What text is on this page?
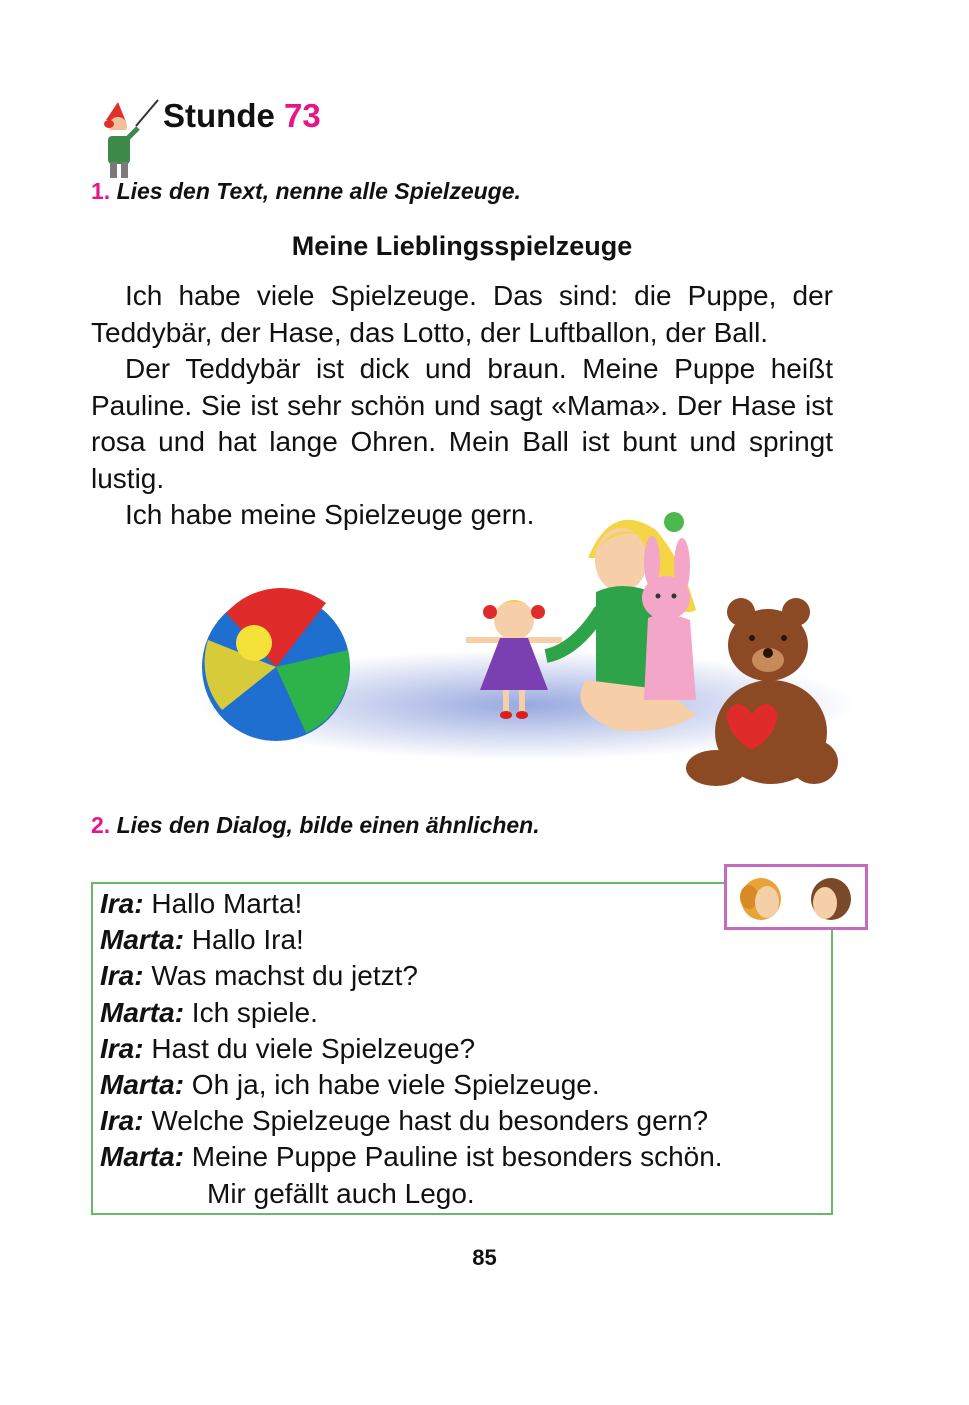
Stunde 73
1. Lies den Text, nenne alle Spielzeuge.
Meine Lieblingsspielzeuge

Ich habe viele Spielzeuge. Das sind: die Puppe, der Teddybär, der Hase, das Lotto, der Luftballon, der Ball.

Der Teddybär ist dick und braun. Meine Puppe heißt Pauline. Sie ist sehr schön und sagt «Mama». Der Hase ist rosa und hat lange Ohren. Mein Ball ist bunt und springt lustig.

Ich habe meine Spielzeuge gern.

2. Lies den Dialog, bilde einen ähnlichen.
Ira: Hallo Marta!
Marta: Hallo Ira!
Ira: Was machst du jetzt?
Marta: Ich spiele.
Ira: Hast du viele Spielzeuge?
Marta: Oh ja, ich habe viele Spielzeuge.
Ira: Welche Spielzeuge hast du besonders gern?
Marta: Meine Puppe Pauline ist besonders schön.
Mir gefällt auch Lego.
85
